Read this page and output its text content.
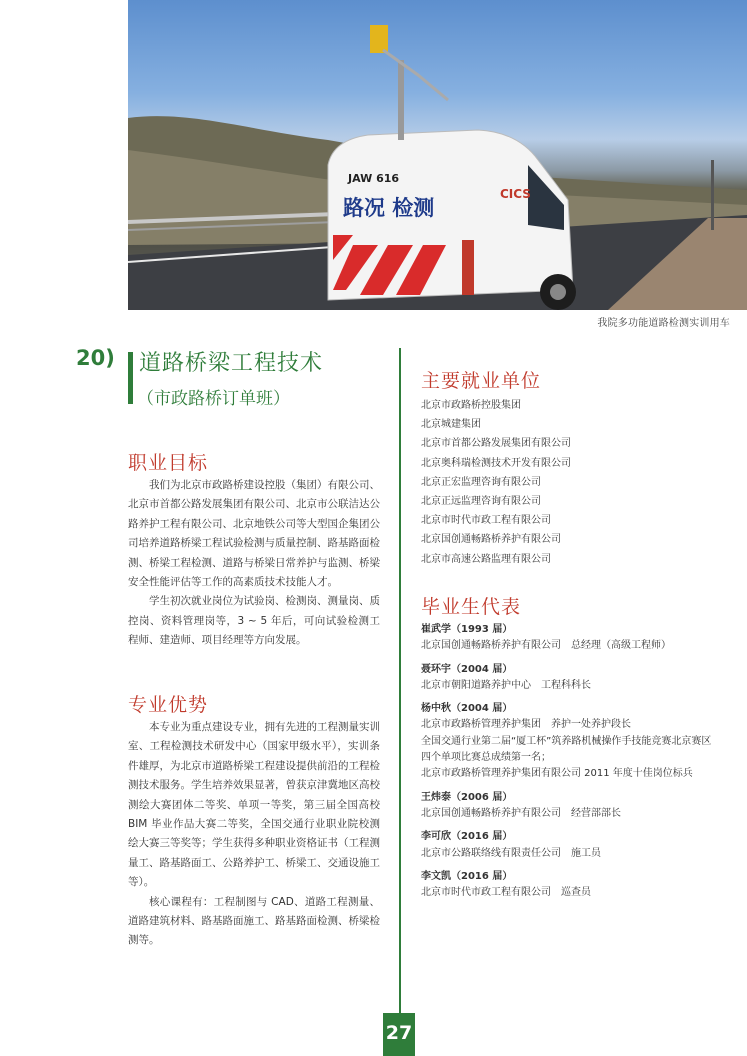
路况 检测
JAW 616
CICS
我院多功能道路检测实训用车
20) 道路桥梁工程技术
（市政路桥订单班）
职业目标

我们为北京市政路桥建设控股（集团）有限公司、北京市首都公路发展集团有限公司、北京市公联洁达公路养护工程有限公司、北京地铁公司等大型国企集团公司培养道路桥梁工程试验检测与质量控制、路基路面检测、桥梁工程检测、道路与桥梁日常养护与监测、桥梁安全性能评估等工作的高素质技术技能人才。

学生初次就业岗位为试验岗、检测岗、测量岗、质控岗、资料管理岗等，3 ~ 5 年后，可向试验检测工程师、建造师、项目经理等方向发展。

专业优势

本专业为重点建设专业，拥有先进的工程测量实训室、工程检测技术研发中心（国家甲级水平），实训条件雄厚，为北京市道路桥梁工程建设提供前沿的工程检测技术服务。学生培养效果显著，曾获京津冀地区高校测绘大赛团体二等奖、单项一等奖，第三届全国高校 BIM 毕业作品大赛二等奖，全国交通行业职业院校测绘大赛三等奖等；学生获得多种职业资格证书（工程测量工、路基路面工、公路养护工、桥梁工、交通设施工等）。

核心课程有：工程制图与 CAD、道路工程测量、道路建筑材料、路基路面施工、路基路面检测、桥梁检测等。

主要就业单位
北京市政路桥控股集团
北京城建集团
北京市首都公路发展集团有限公司
北京奥科瑞检测技术开发有限公司
北京正宏监理咨询有限公司
北京正远监理咨询有限公司
北京市时代市政工程有限公司
北京国创通畅路桥养护有限公司
北京市高速公路监理有限公司
毕业生代表
崔武学（1993 届）
北京国创通畅路桥养护有限公司　总经理（高级工程师）
聂环宇（2004 届）
北京市朝阳道路养护中心　工程科科长
杨中秋（2004 届）
北京市政路桥管理养护集团　养护一处养护段长
全国交通行业第二届“厦工杯”筑养路机械操作手技能竞赛北京赛区四个单项比赛总成绩第一名；
北京市政路桥管理养护集团有限公司 2011 年度十佳岗位标兵
王炜泰（2006 届）
北京国创通畅路桥养护有限公司　经营部部长
李可欣（2016 届）
北京市公路联络线有限责任公司　施工员
李文凯（2016 届）
北京市时代市政工程有限公司　巡查员
27
